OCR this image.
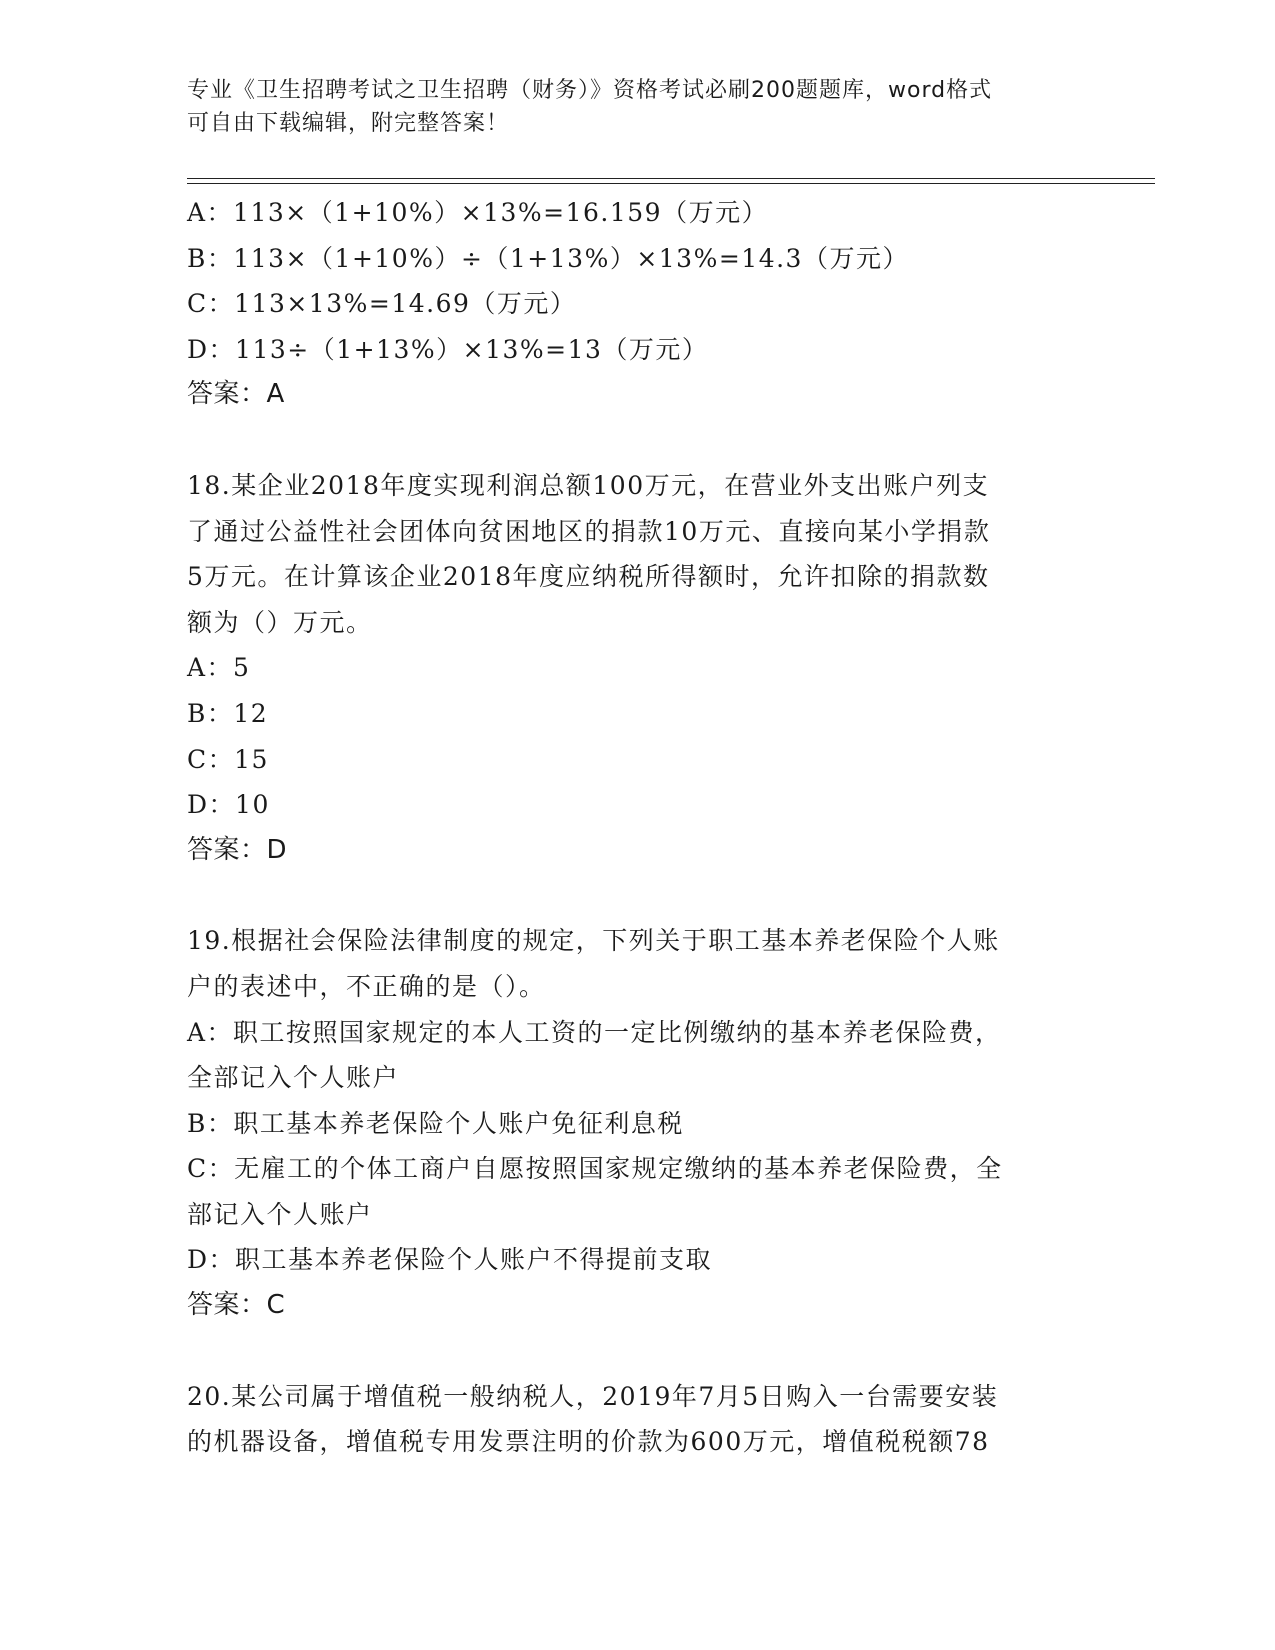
专业《卫生招聘考试之卫生招聘（财务）》资格考试必刷200题题库，word格式
可自由下载编辑，附完整答案！
A：113×（1+10%）×13%=16.159（万元）
B：113×（1+10%）÷（1+13%）×13%=14.3（万元）
C：113×13%=14.69（万元）
D：113÷（1+13%）×13%=13（万元）
答案：A
18.某企业2018年度实现利润总额100万元，在营业外支出账户列支
了通过公益性社会团体向贫困地区的捐款10万元、直接向某小学捐款
5万元。在计算该企业2018年度应纳税所得额时，允许扣除的捐款数
额为（）万元。
A：5
B：12
C：15
D：10
答案：D
19.根据社会保险法律制度的规定，下列关于职工基本养老保险个人账
户的表述中，不正确的是（）。
A：职工按照国家规定的本人工资的一定比例缴纳的基本养老保险费，
全部记入个人账户
B：职工基本养老保险个人账户免征利息税
C：无雇工的个体工商户自愿按照国家规定缴纳的基本养老保险费，全
部记入个人账户
D：职工基本养老保险个人账户不得提前支取
答案：C
20.某公司属于增值税一般纳税人，2019年7月5日购入一台需要安装
的机器设备，增值税专用发票注明的价款为600万元，增值税税额78
